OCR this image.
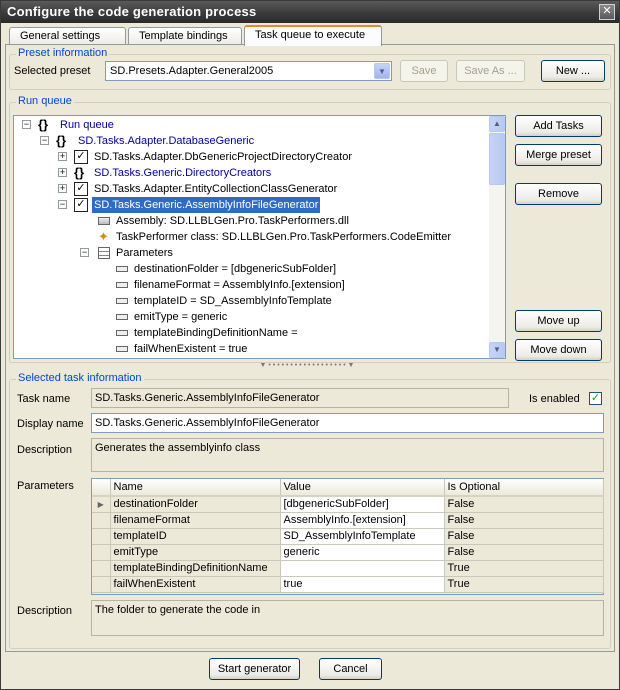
Configure the code generation process	✕
General settings	Template bindings	Task queue to execute
Preset information
Selected preset SD.Presets.Adapter.General2005	▼	Save	Save As ...	New ...
Run queue
− {}	Run queue
− {}	SD.Tasks.Adapter.DatabaseGeneric
+ ✓ SD.Tasks.Adapter.DbGenericProjectDirectoryCreator
+ {} SD.Tasks.Generic.DirectoryCreators
+ ✓ SD.Tasks.Adapter.EntityCollectionClassGenerator
− ✓ SD.Tasks.Generic.AssemblyInfoFileGenerator
Assembly: SD.LLBLGen.Pro.TaskPerformers.dll
✦ TaskPerformer class: SD.LLBLGen.Pro.TaskPerformers.CodeEmitter
−	Parameters
destinationFolder = [dbgenericSubFolder]
filenameFormat = AssemblyInfo.[extension]
templateID = SD_AssemblyInfoTemplate
emitType = generic
templateBindingDefinitionName =
failWhenExistent = true
▲
▼
Add Tasks
Merge preset
Remove
Move up
Move down
▼ • • • • • • • • • • • • • • • • • • ▼
Selected task information
Task name	SD.Tasks.Generic.AssemblyInfoFileGenerator	Is enabled ✓
Display name	SD.Tasks.Generic.AssemblyInfoFileGenerator
Description	Generates the assemblyinfo class
Parameters
		Name	Value	Is Optional
▶	destinationFolder	[dbgenericSubFolder]	False
	filenameFormat	AssemblyInfo.[extension]	False
	templateID	SD_AssemblyInfoTemplate	False
	emitType	generic	False
	templateBindingDefinitionName		True
	failWhenExistent	true	True
Description	The folder to generate the code in
Start generator	Cancel
